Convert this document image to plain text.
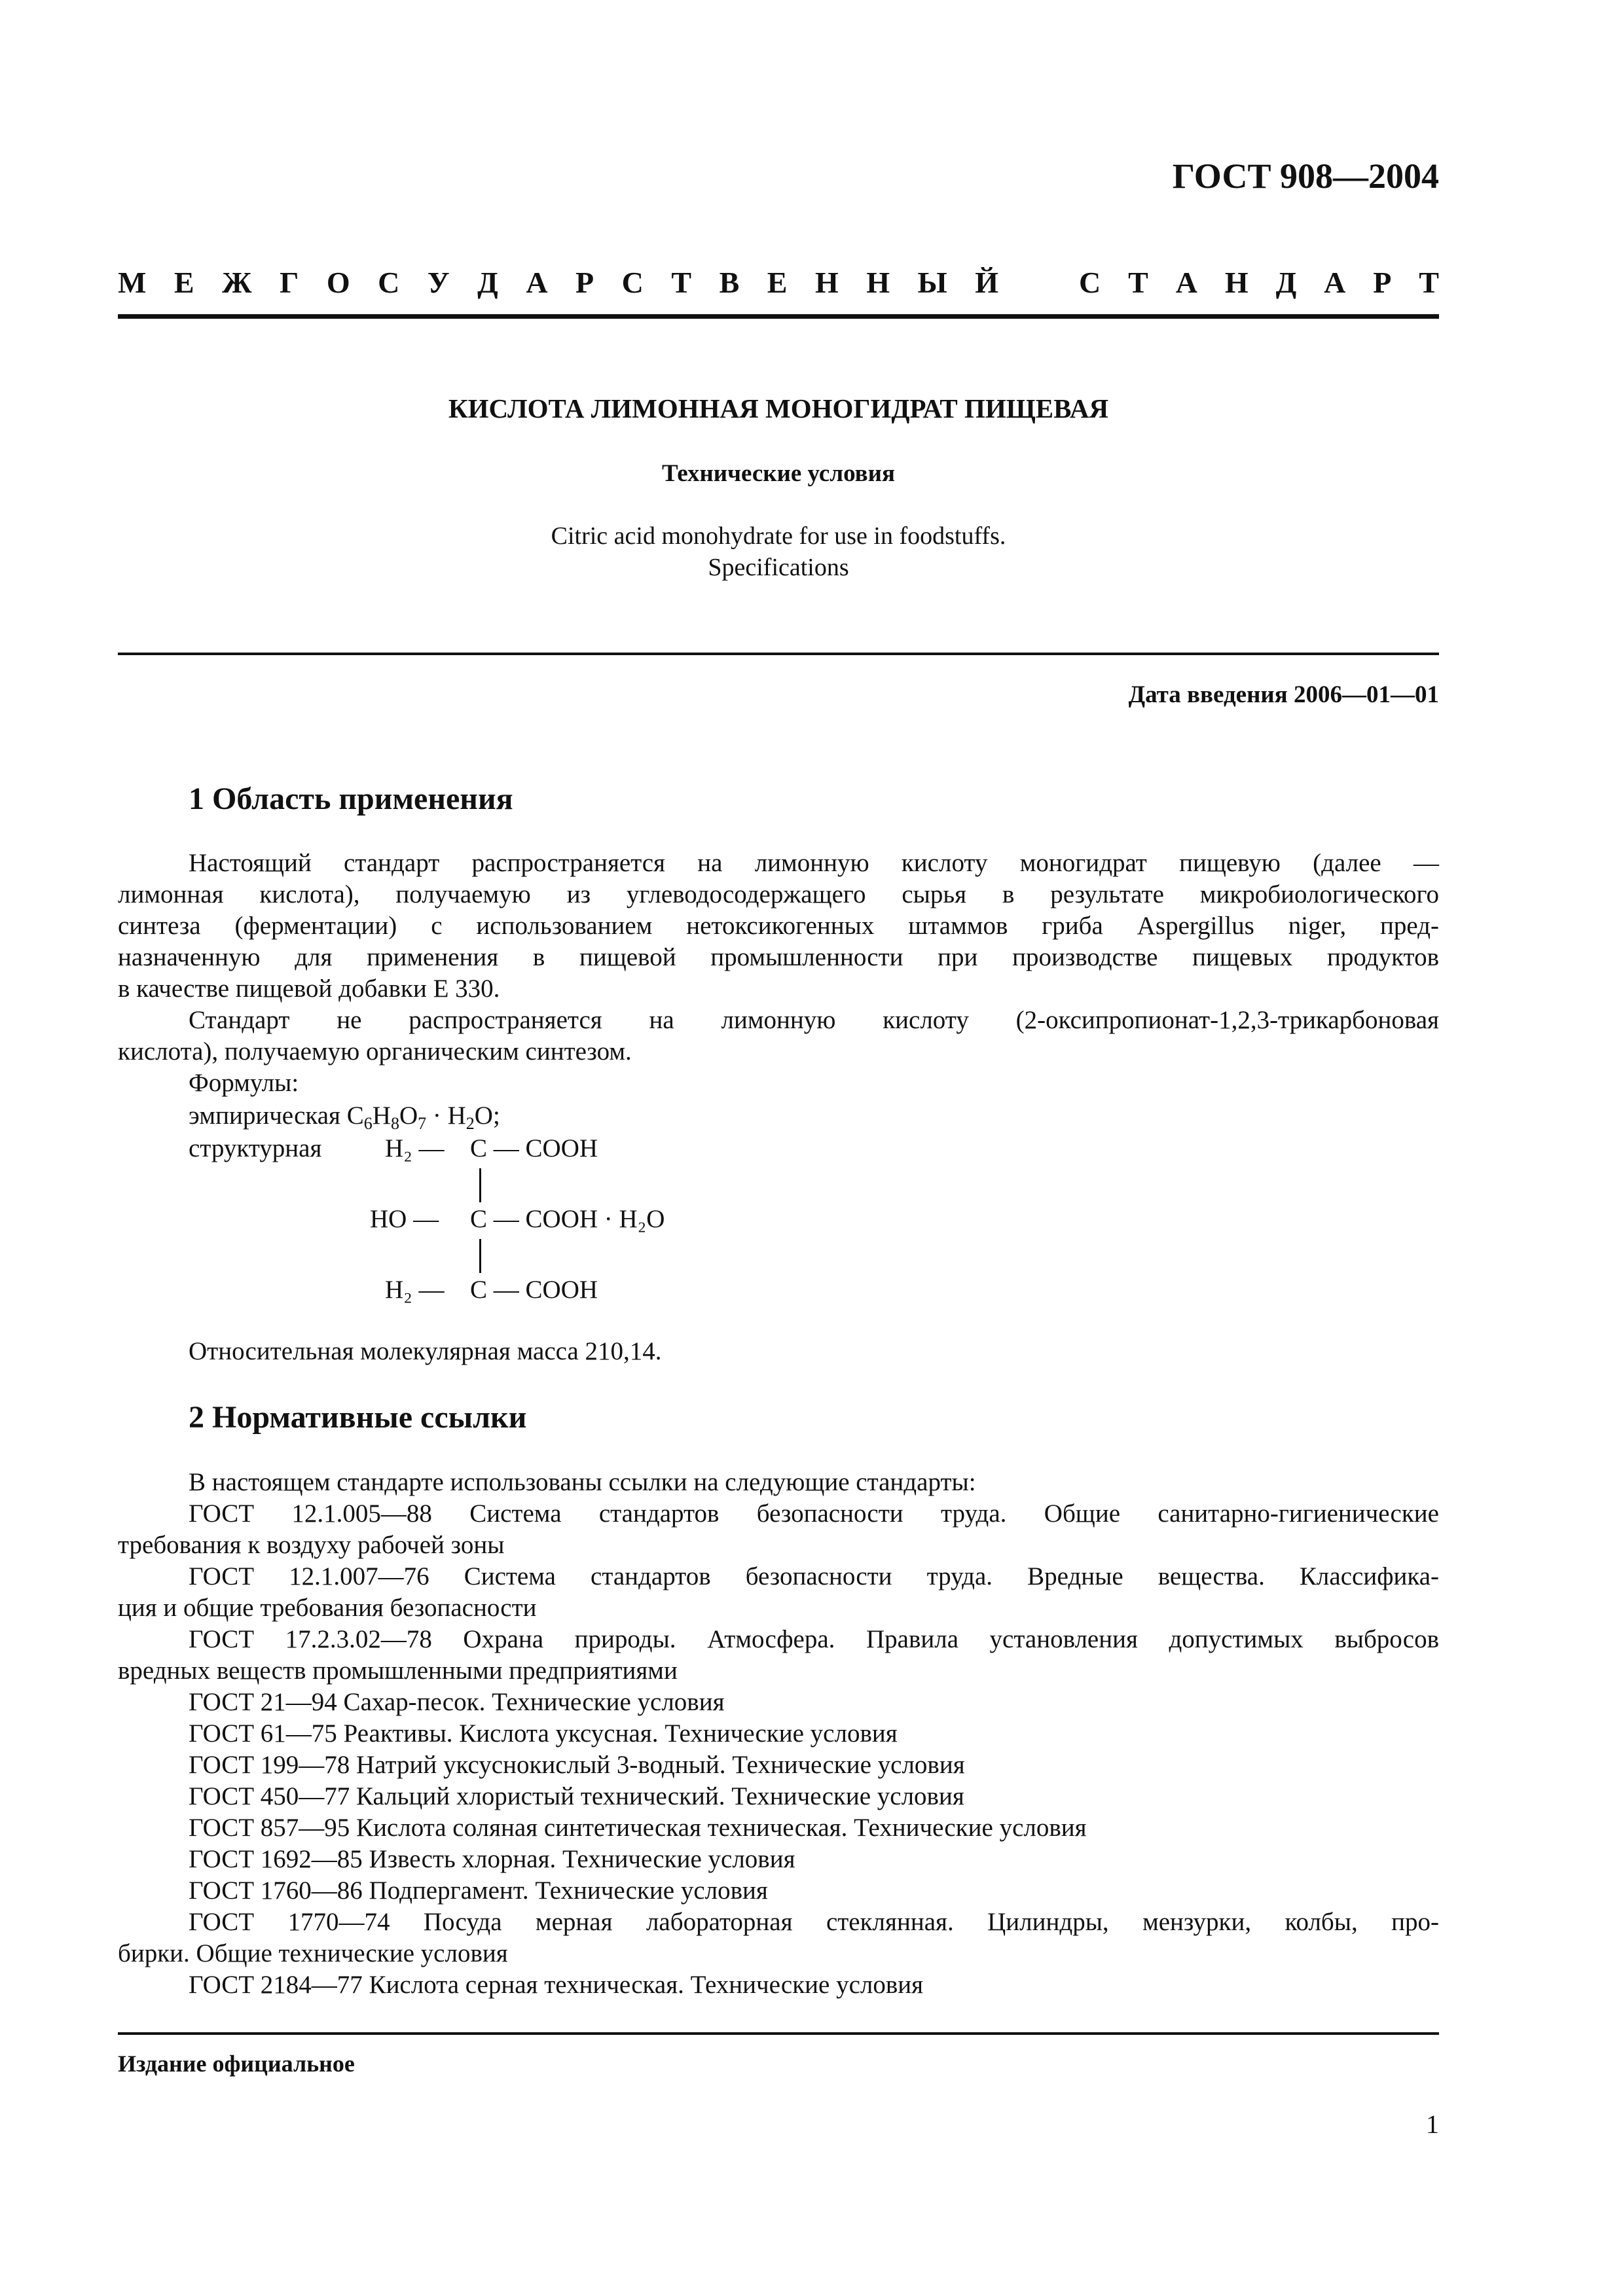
ГОСТ 908—2004
М Е Ж Г О С У Д А Р С Т В Е Н Н Ы Й	С Т А Н Д А Р Т
КИСЛОТА ЛИМОННАЯ МОНОГИДРАТ ПИЩЕВАЯ
Технические условия
Citric acid monohydrate for use in foodstuffs.
Specifications
Дата введения 2006—01—01
1 Область применения
Настоящий стандарт распространяется на лимонную кислоту моногидрат пищевую (далее —
лимонная кислота), получаемую из углеводосодержащего сырья в результате микробиологического
синтеза (ферментации) с использованием нетоксикогенных штаммов гриба Aspergillus niger, пред-
назначенную для применения в пищевой промышленности при производстве пищевых продуктов
в качестве пищевой добавки Е 330.
Стандарт не распространяется на лимонную кислоту (2-оксипропионат-1,2,3-трикарбоновая
кислота), получаемую органическим синтезом.
Формулы:
эмпирическая $C_6H_8O_7 \cdot H_2O$;
структурная H₂ —C — COOH
HO —C — COOH · H₂O
H₂ —C — COOH
Относительная молекулярная масса 210,14.
2 Нормативные ссылки
В настоящем стандарте использованы ссылки на следующие стандарты:
ГОСТ 12.1.005—88 Система стандартов безопасности труда. Общие санитарно-гигиенические
требования к воздуху рабочей зоны
ГОСТ 12.1.007—76 Система стандартов безопасности труда. Вредные вещества. Классифика-
ция и общие требования безопасности
ГОСТ 17.2.3.02—78 Охрана природы. Атмосфера. Правила установления допустимых выбросов
вредных веществ промышленными предприятиями
ГОСТ 21—94 Сахар-песок. Технические условия
ГОСТ 61—75 Реактивы. Кислота уксусная. Технические условия
ГОСТ 199—78 Натрий уксуснокислый 3-водный. Технические условия
ГОСТ 450—77 Кальций хлористый технический. Технические условия
ГОСТ 857—95 Кислота соляная синтетическая техническая. Технические условия
ГОСТ 1692—85 Известь хлорная. Технические условия
ГОСТ 1760—86 Подпергамент. Технические условия
ГОСТ 1770—74 Посуда мерная лабораторная стеклянная. Цилиндры, мензурки, колбы, про-
бирки. Общие технические условия
ГОСТ 2184—77 Кислота серная техническая. Технические условия
Издание официальное
1
